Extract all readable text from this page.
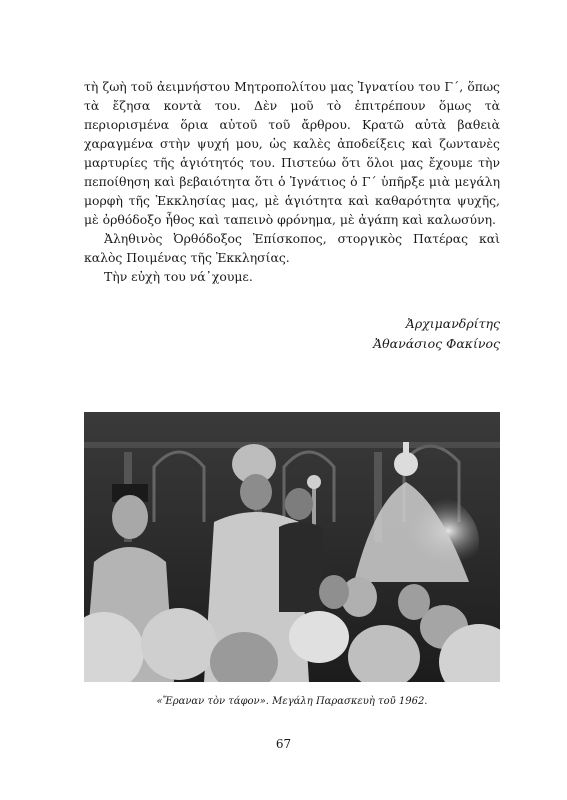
τὴ ζωὴ τοῦ ἀειμνήστου Μητροπολίτου μας Ἰγνατίου του Γ´, ὅπως τὰ ἔζησα κοντὰ του. Δὲν μοῦ τὸ ἐπιτρέπουν ὅμως τὰ περιορισμένα ὅρια αὐτοῦ τοῦ ἄρθρου. Κρατῶ αὐτὰ βαθειὰ χαραγμένα στὴν ψυχή μου, ὡς καλὲς ἀποδείξεις καὶ ζωντανὲς μαρτυρίες τῆς ἁγιότητός του. Πιστεύω ὅτι ὅλοι μας ἔχουμε τὴν πεποίθηση καὶ βεβαιότητα ὅτι ὁ Ἰγνάτιος ὁ Γ´ ὑπῆρξε μιὰ μεγάλη μορφὴ τῆς Ἐκκλησίας μας, μὲ ἁγιότητα καὶ καθαρότητα ψυχῆς, μὲ ὀρθόδοξο ἦθος καὶ ταπεινὸ φρόνημα, μὲ ἀγάπη καὶ καλωσύνη.

Ἀληθινὸς Ὀρθόδοξος Ἐπίσκοπος, στοργικὸς Πατέρας καὶ καλὸς Ποιμένας τῆς Ἐκκλησίας.

Τὴν εὐχὴ του νά᾽χουμε.

Ἀρχιμανδρίτης
Ἀθανάσιος Φακίνος
«Ἔραναν τὸν τάφον». Μεγάλη Παρασκευὴ τοῦ 1962.
67
